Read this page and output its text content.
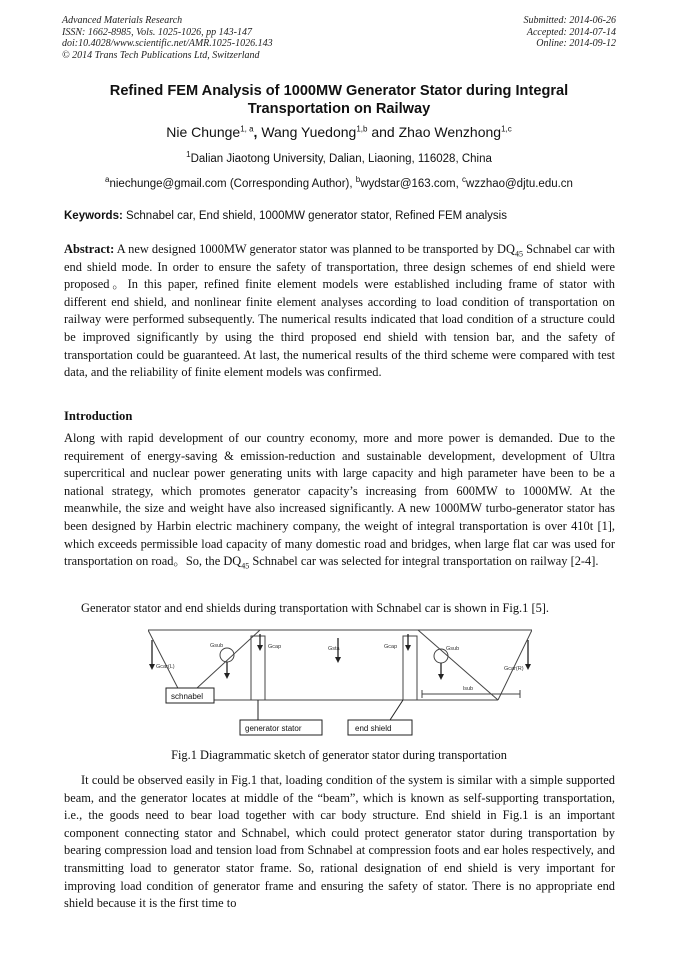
Advanced Materials Research
ISSN: 1662-8985, Vols. 1025-1026, pp 143-147
doi:10.4028/www.scientific.net/AMR.1025-1026.143
© 2014 Trans Tech Publications Ltd, Switzerland
Submitted: 2014-06-26
Accepted: 2014-07-14
Online: 2014-09-12
Refined FEM Analysis of 1000MW Generator Stator during Integral
Transportation on Railway
Nie Chunge$^{1, a}$, Wang Yuedong$^{1,b}$ and Zhao Wenzhong$^{1,c}$
$^1$Dalian Jiaotong University, Dalian, Liaoning, 116028, China
$^a$niechunge@gmail.com (Corresponding Author), $^b$wydstar@163.com, $^c$wzzhao@djtu.edu.cn
Keywords: Schnabel car, End shield, 1000MW generator stator, Refined FEM analysis
Abstract: A new designed 1000MW generator stator was planned to be transported by $DQ_{45}$ Schnabel car with end shield mode. In order to ensure the safety of transportation, three design schemes of end shield were proposed。In this paper, refined finite element models were established including frame of stator with different end shield, and nonlinear finite element analyses according to load condition of transportation on railway were performed subsequently. The numerical results indicated that load condition of a structure could be improved significantly by using the third proposed end shield with tension bar, and the safety of transportation could be guaranteed. At last, the numerical results of the third scheme were compared with test data, and the reliability of finite element models was confirmed.
Introduction
Along with rapid development of our country economy, more and more power is demanded. Due to the requirement of energy-saving & emission-reduction and sustainable development, development of Ultra supercritical and nuclear power generating units with large capacity and high parameter have been to be a national strategy, which promotes generator capacity’s increasing from 600MW to 1000MW. At the meanwhile, the size and weight have also increased significantly. A new 1000MW turbo-generator stator has been designed by Harbin electric machinery company, the weight of integral transportation is over 410t [1], which exceeds permissible load capacity of many domestic road and bridges, when large flat car was used for transportation on road。So, the $DQ_{45}$ Schnabel car was selected for integral transportation on railway [2-4].
Generator stator and end shields during transportation with Schnabel car is shown in Fig.1 [5].
Gcar(L)	Gcar(R)
Gsub	Gsub
Gcap	Gcap
Gsta
lsub
schnabel
generator stator	end shield
Fig.1 Diagrammatic sketch of generator stator during transportation
It could be observed easily in Fig.1 that, loading condition of the system is similar with a simple supported beam, and the generator locates at middle of the “beam”, which is known as self-supporting transportation, i.e., the goods need to bear load together with car body structure. End shield in Fig.1 is an important component connecting stator and Schnabel, which could protect generator stator during transportation by bearing compression load and tension load from Schnabel at compression foots and ear holes respectively, and transmitting load to generator stator frame. So, rational designation of end shield is very important for improving load condition of generator frame and ensuring the safety of stator. There is no appropriate end shield because it is the first time to
